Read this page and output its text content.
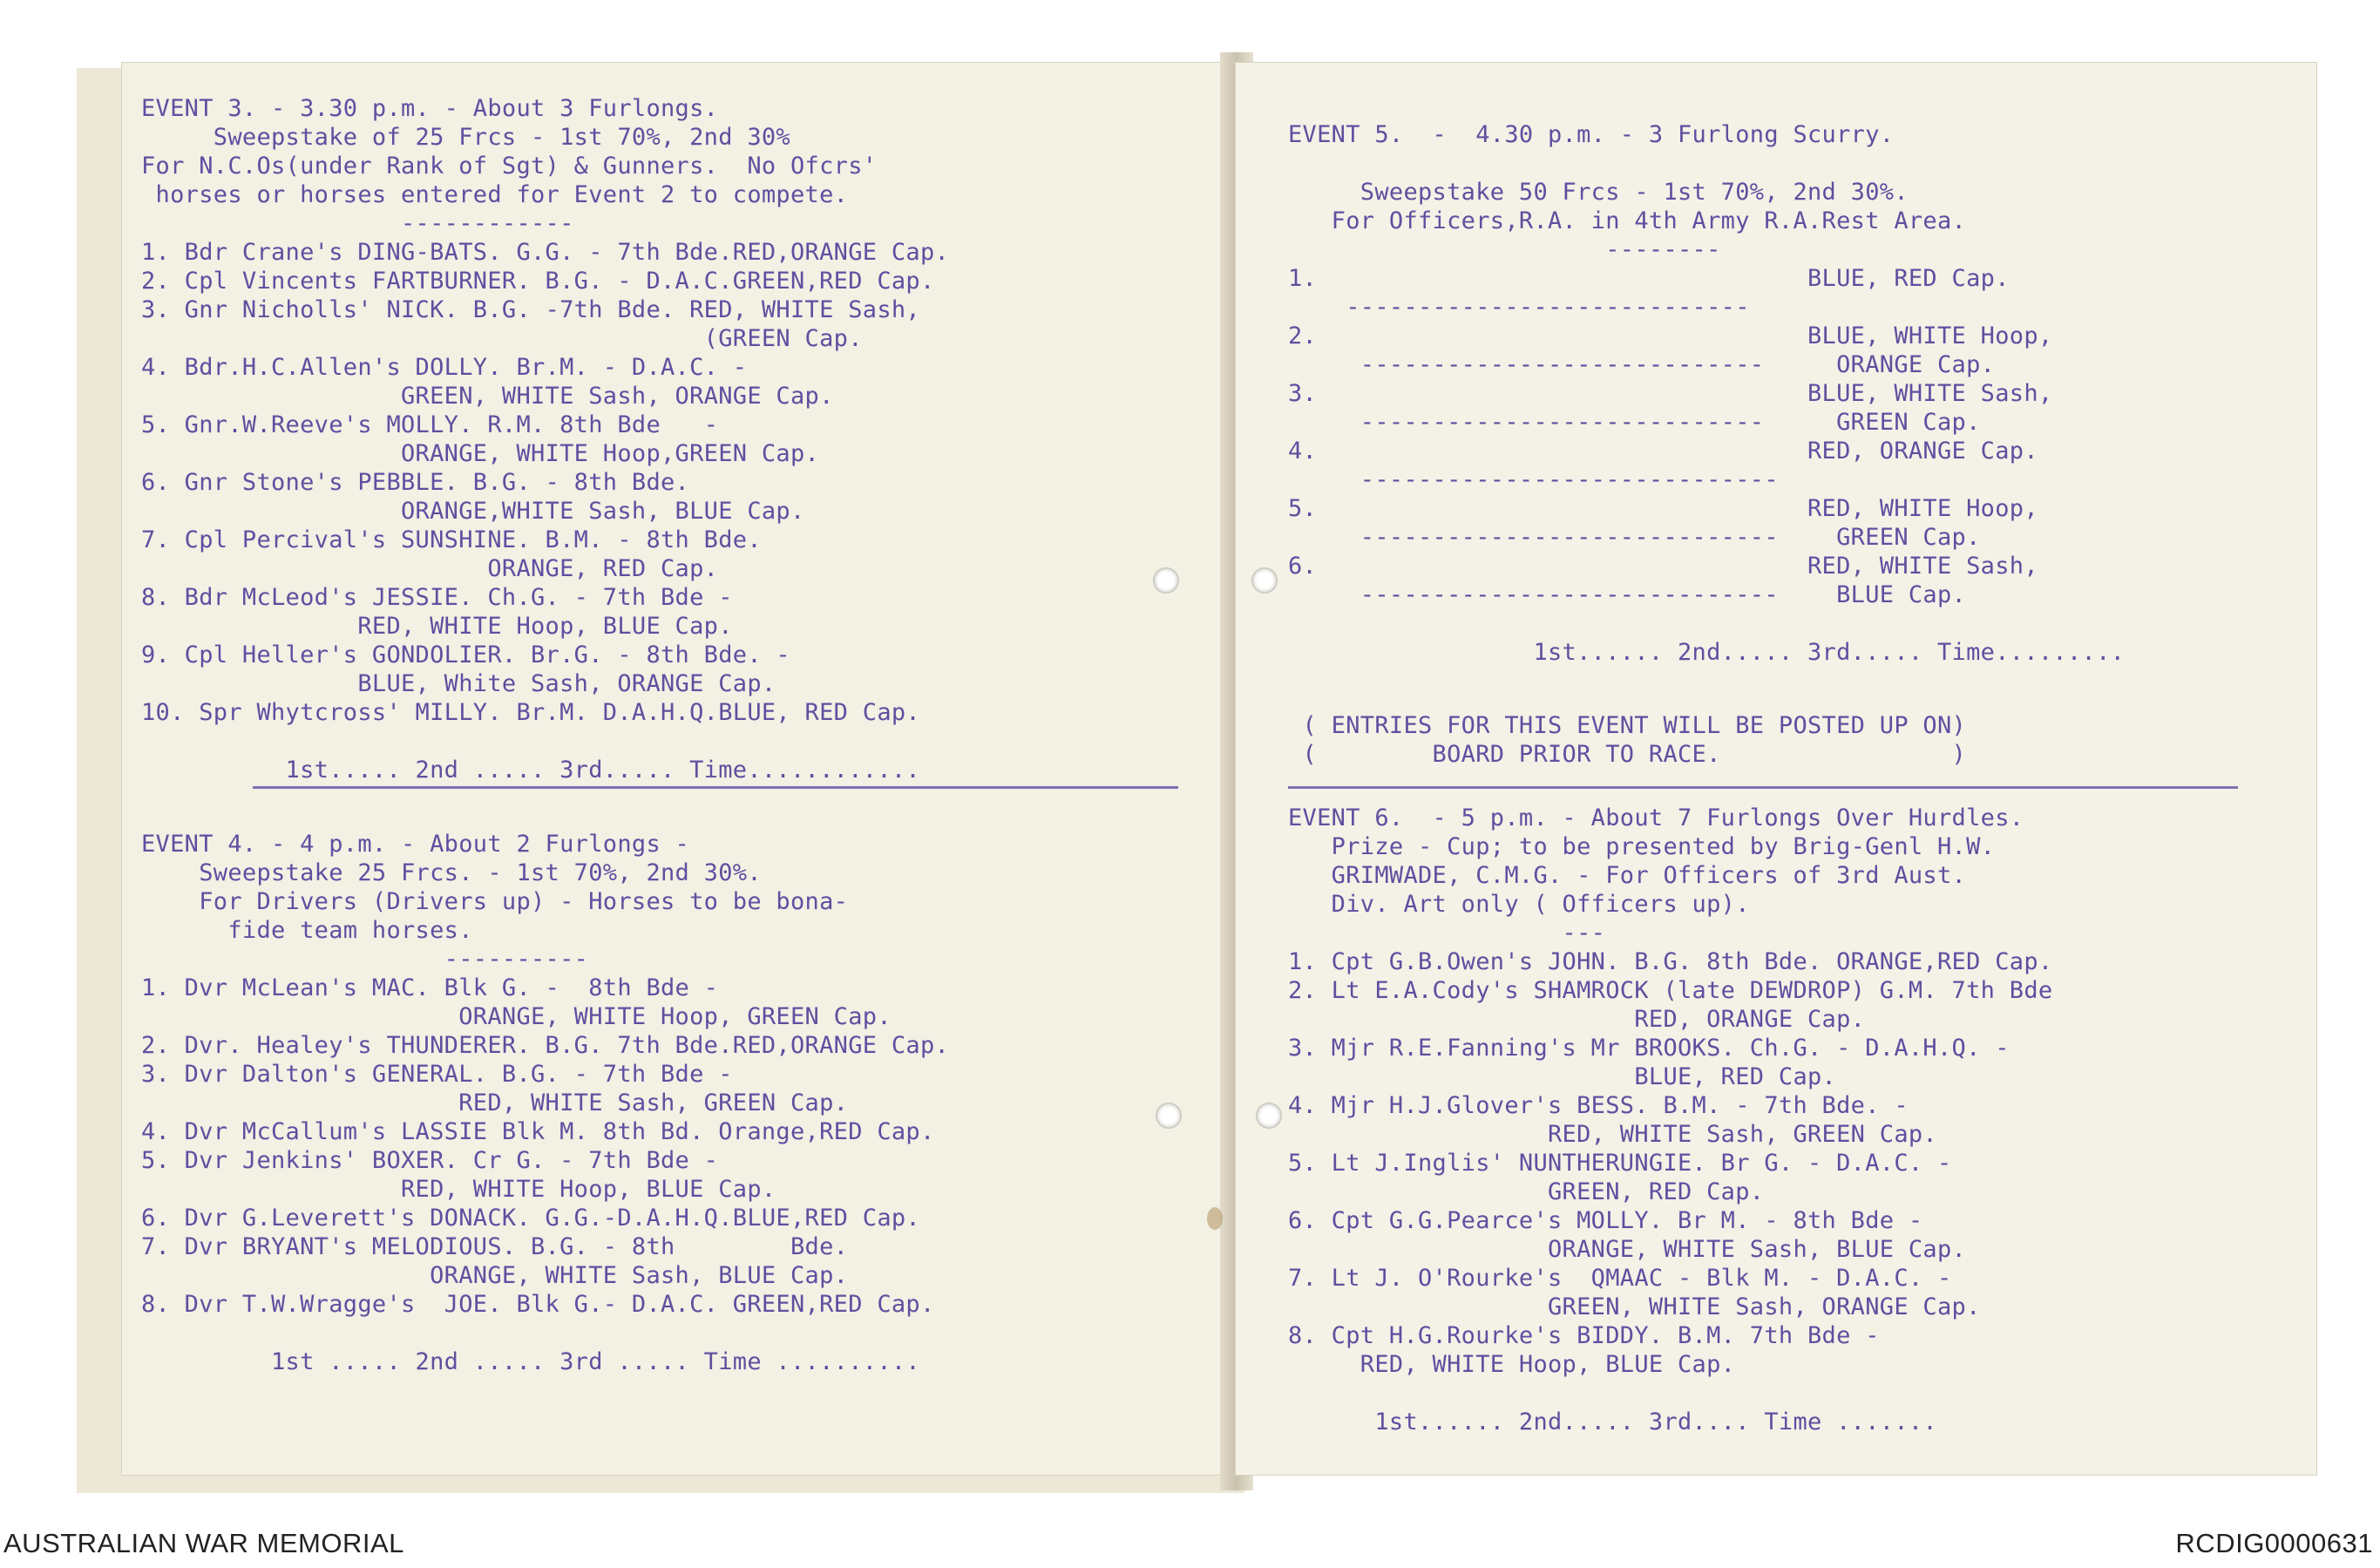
EVENT 3. - 3.30 p.m. - About 3 Furlongs.
Sweepstake of 25 Frcs - 1st 70%, 2nd 30%
For N.C.Os(under Rank of Sgt) & Gunners.  No Ofcrs'
horses or horses entered for Event 2 to compete.
------------
1. Bdr Crane's DING-BATS. G.G. - 7th Bde.RED,ORANGE Cap.
2. Cpl Vincents FARTBURNER. B.G. - D.A.C.GREEN,RED Cap.
3. Gnr Nicholls' NICK. B.G. -7th Bde. RED, WHITE Sash,
(GREEN Cap.
4. Bdr.H.C.Allen's DOLLY. Br.M. - D.A.C. -
GREEN, WHITE Sash, ORANGE Cap.
5. Gnr.W.Reeve's MOLLY. R.M. 8th Bde   -
ORANGE, WHITE Hoop,GREEN Cap.
6. Gnr Stone's PEBBLE. B.G. - 8th Bde.
ORANGE,WHITE Sash, BLUE Cap.
7. Cpl Percival's SUNSHINE. B.M. - 8th Bde.
ORANGE, RED Cap.
8. Bdr McLeod's JESSIE. Ch.G. - 7th Bde -
RED, WHITE Hoop, BLUE Cap.
9. Cpl Heller's GONDOLIER. Br.G. - 8th Bde. -
BLUE, White Sash, ORANGE Cap.
10. Spr Whytcross' MILLY. Br.M. D.A.H.Q.BLUE, RED Cap.
1st..... 2nd ..... 3rd..... Time............
EVENT 4. - 4 p.m. - About 2 Furlongs -
Sweepstake 25 Frcs. - 1st 70%, 2nd 30%.
For Drivers (Drivers up) - Horses to be bona-
fide team horses.
----------
1. Dvr McLean's MAC. Blk G. -  8th Bde -
ORANGE, WHITE Hoop, GREEN Cap.
2. Dvr. Healey's THUNDERER. B.G. 7th Bde.RED,ORANGE Cap.
3. Dvr Dalton's GENERAL. B.G. - 7th Bde -
RED, WHITE Sash, GREEN Cap.
4. Dvr McCallum's LASSIE Blk M. 8th Bd. Orange,RED Cap.
5. Dvr Jenkins' BOXER. Cr G. - 7th Bde -
RED, WHITE Hoop, BLUE Cap.
6. Dvr G.Leverett's DONACK. G.G.-D.A.H.Q.BLUE,RED Cap.
7. Dvr BRYANT's MELODIOUS. B.G. - 8th        Bde.
ORANGE, WHITE Sash, BLUE Cap.
8. Dvr T.W.Wragge's  JOE. Blk G.- D.A.C. GREEN,RED Cap.
1st ..... 2nd ..... 3rd ..... Time ..........
EVENT 5.  -  4.30 p.m. - 3 Furlong Scurry.
Sweepstake 50 Frcs - 1st 70%, 2nd 30%.
For Officers,R.A. in 4th Army R.A.Rest Area.
--------
1.                                  BLUE, RED Cap.
----------------------------
2.                                  BLUE, WHITE Hoop,
----------------------------     ORANGE Cap.
3.                                  BLUE, WHITE Sash,
----------------------------     GREEN Cap.
4.                                  RED, ORANGE Cap.
-----------------------------
5.                                  RED, WHITE Hoop,
-----------------------------    GREEN Cap.
6.                                  RED, WHITE Sash,
-----------------------------    BLUE Cap.
1st...... 2nd..... 3rd..... Time.........
( ENTRIES FOR THIS EVENT WILL BE POSTED UP ON)
(        BOARD PRIOR TO RACE.                )
EVENT 6.  - 5 p.m. - About 7 Furlongs Over Hurdles.
Prize - Cup; to be presented by Brig-Genl H.W.
GRIMWADE, C.M.G. - For Officers of 3rd Aust.
Div. Art only ( Officers up).
---
1. Cpt G.B.Owen's JOHN. B.G. 8th Bde. ORANGE,RED Cap.
2. Lt E.A.Cody's SHAMROCK (late DEWDROP) G.M. 7th Bde
RED, ORANGE Cap.
3. Mjr R.E.Fanning's Mr BROOKS. Ch.G. - D.A.H.Q. -
BLUE, RED Cap.
4. Mjr H.J.Glover's BESS. B.M. - 7th Bde. -
RED, WHITE Sash, GREEN Cap.
5. Lt J.Inglis' NUNTHERUNGIE. Br G. - D.A.C. -
GREEN, RED Cap.
6. Cpt G.G.Pearce's MOLLY. Br M. - 8th Bde -
ORANGE, WHITE Sash, BLUE Cap.
7. Lt J. O'Rourke's  QMAAC - Blk M. - D.A.C. -
GREEN, WHITE Sash, ORANGE Cap.
8. Cpt H.G.Rourke's BIDDY. B.M. 7th Bde -
RED, WHITE Hoop, BLUE Cap.
1st...... 2nd..... 3rd.... Time .......
AUSTRALIAN WAR MEMORIAL	RCDIG0000631
